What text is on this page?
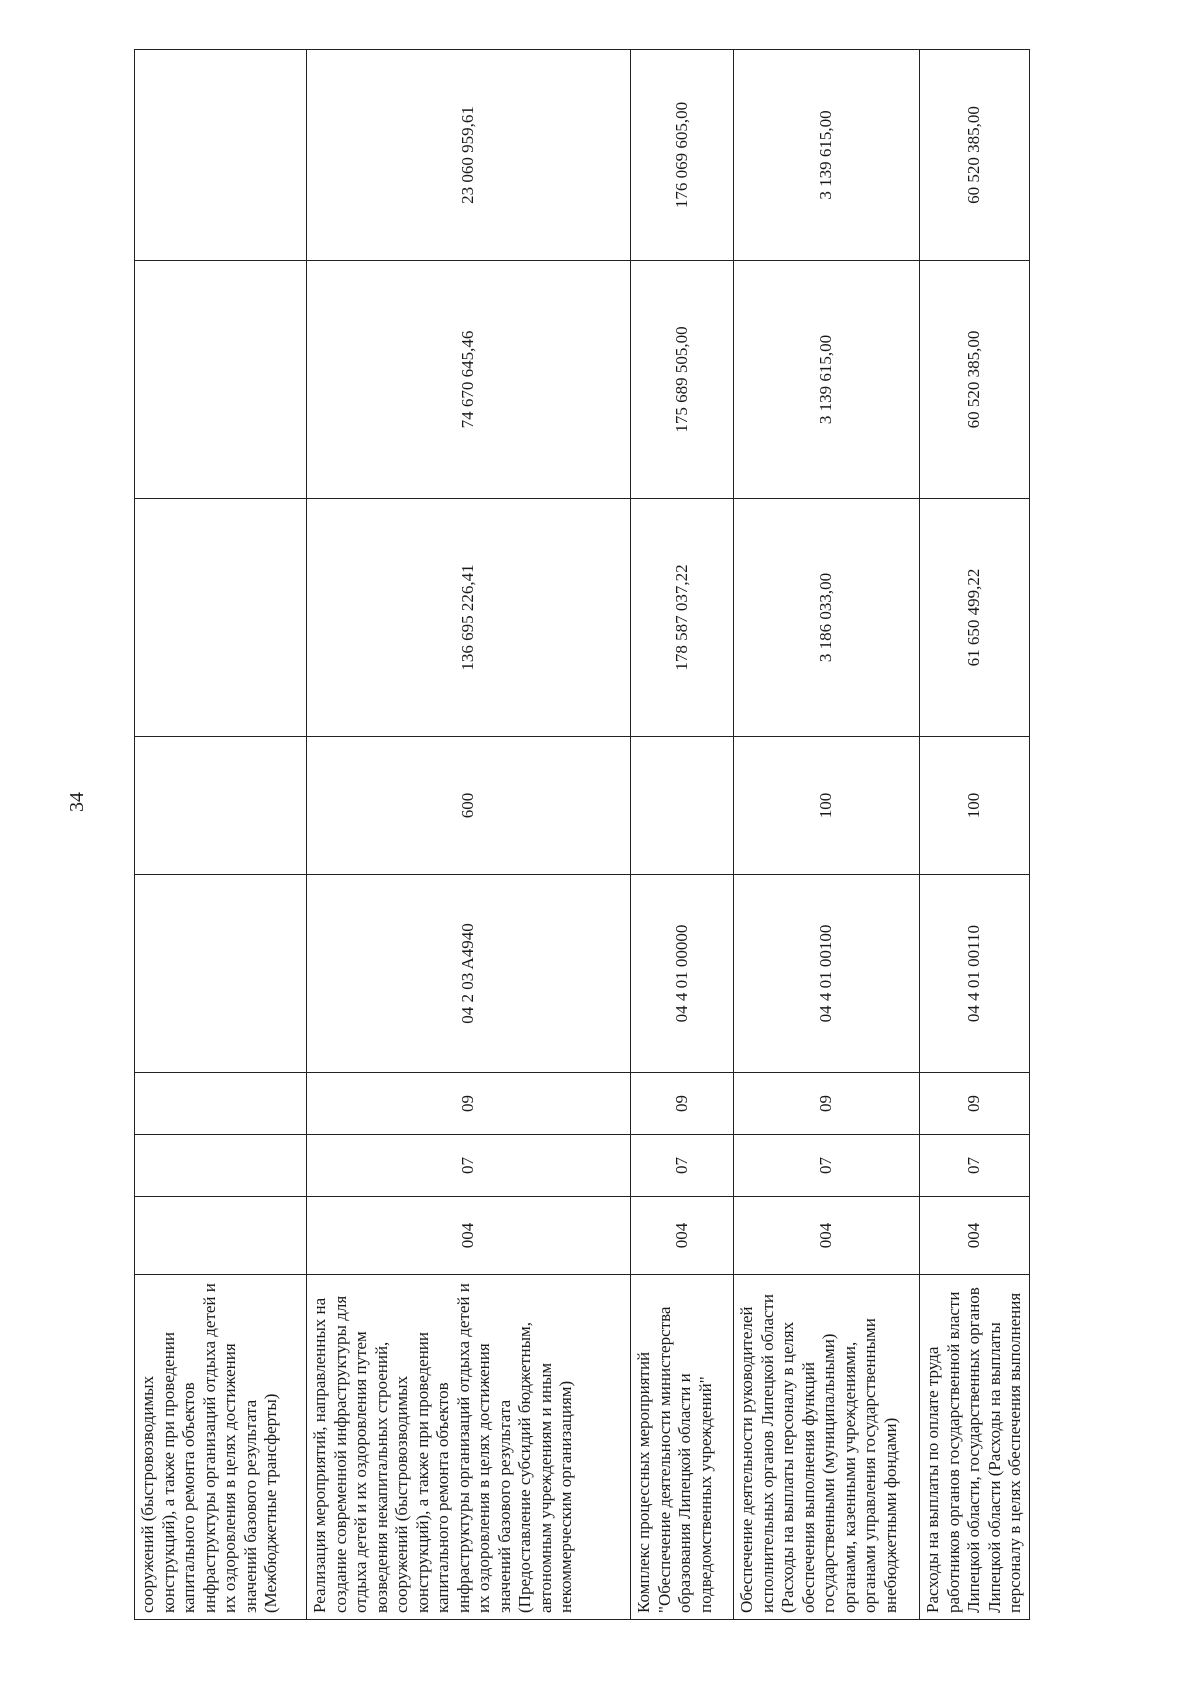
34
сооружений (быстровозводимых конструкций), а также при проведении капитального ремонта объектов инфраструктуры организаций отдыха детей и их оздоровления в целях достижения значений базового результата (Межбюджетные трансферты)								
Реализация мероприятий, направленных на создание современной инфраструктуры для отдыха детей и их оздоровления путем возведения некапитальных строений, сооружений (быстровозводимых конструкций), а также при проведении капитального ремонта объектов инфраструктуры организаций отдыха детей и их оздоровления в целях достижения значений базового результата (Предоставление субсидий бюджетным, автономным учреждениям и иным некоммерческим организациям)	004	07	09	04 2 03 A4940	600	136 695 226,41	74 670 645,46	23 060 959,61
Комплекс процессных мероприятий "Обеспечение деятельности министерства образования Липецкой области и подведомственных учреждений"	004	07	09	04 4 01 00000		178 587 037,22	175 689 505,00	176 069 605,00
Обеспечение деятельности руководителей исполнительных органов Липецкой области (Расходы на выплаты персоналу в целях обеспечения выполнения функций государственными (муниципальными) органами, казенными учреждениями, органами управления государственными внебюджетными фондами)	004	07	09	04 4 01 00100	100	3 186 033,00	3 139 615,00	3 139 615,00
Расходы на выплаты по оплате труда работников органов государственной власти Липецкой области, государственных органов Липецкой области (Расходы на выплаты персоналу в целях обеспечения выполнения	004	07	09	04 4 01 00110	100	61 650 499,22	60 520 385,00	60 520 385,00
